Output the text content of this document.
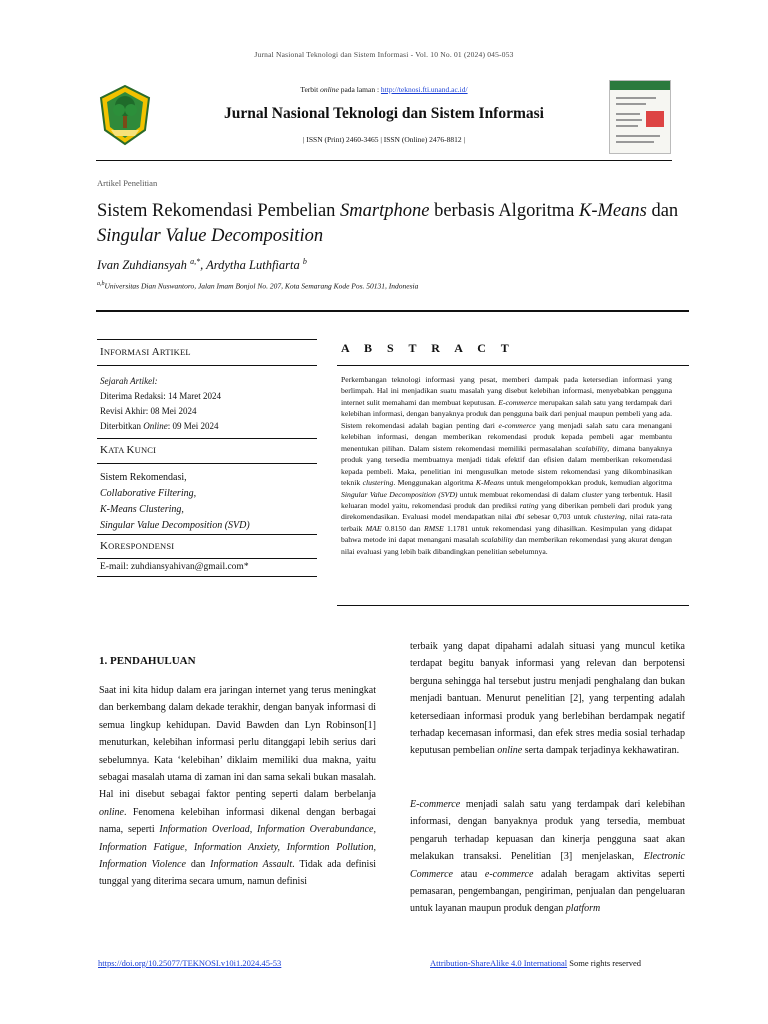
Jurnal Nasional Teknologi dan Sistem Informasi - Vol. 10 No. 01 (2024) 045-053
Terbit online pada laman : http://teknosi.fti.unand.ac.id/
Jurnal Nasional Teknologi dan Sistem Informasi
| ISSN (Print) 2460-3465 | ISSN (Online) 2476-8812 |
Artikel Penelitian
Sistem Rekomendasi Pembelian Smartphone berbasis Algoritma K-Means dan
Singular Value Decomposition
Ivan Zuhdiansyah $^{a,*}$, Ardytha Luthfiarta $^b$
$^{a,b}$Universitas Dian Nuswantoro, Jalan Imam Bonjol No. 207, Kota Semarang Kode Pos. 50131, Indonesia
INFORMASI ARTIKEL
Sejarah Artikel:
Diterima Redaksi: 14 Maret 2024
Revisi Akhir: 08 Mei 2024
Diterbitkan Online: 09 Mei 2024
KATA KUNCI
Sistem Rekomendasi,
Collaborative Filtering,
K-Means Clustering,
Singular Value Decomposition (SVD)
KORESPONDENSI
E-mail: zuhdiansyahivan@gmail.com*
A B S T R A C T
Perkembangan teknologi informasi yang pesat, memberi dampak pada ketersedian informasi yang berlimpah. Hal ini menjadikan suatu masalah yang disebut kelebihan informasi, menyebabkan pengguna internet sulit memahami dan membuat keputusan. E-commerce merupakan salah satu yang terdampak dari kelebihan informasi, dengan banyaknya produk dan pengguna baik dari penjual maupun pembeli yang ada. Sistem rekomendasi adalah bagian penting dari e-commerce yang menjadi salah satu cara menangani kelebihan informasi, dengan memberikan rekomendasi produk kepada pembeli agar membantu menentukan pilihan. Dalam sistem rekomendasi memiliki permasalahan scalability, dimana banyaknya produk yang tersedia membuatnya menjadi tidak efektif dan efisien dalam memberikan rekomendasi kepada pembeli. Maka, penelitian ini mengusulkan metode sistem rekomendasi yang dikombinasikan teknik clustering. Menggunakan algoritma K-Means untuk mengelompokkan produk, kemudian algoritma Singular Value Decomposition (SVD) untuk membuat rekomendasi di dalam cluster yang terbentuk. Hasil keluaran model yaitu, rekomendasi produk dan prediksi rating yang diberikan pembeli dari produk yang direkomendasikan. Evaluasi model mendapatkan nilai dbi sebesar 0,703 untuk clustering, nilai rata-rata terbaik MAE 0.8150 dan RMSE 1.1781 untuk rekomendasi yang dihasilkan. Kesimpulan yang didapat bahwa metode ini dapat menangani masalah scalability dan memberikan rekomendasi yang akurat dengan nilai evaluasi yang lebih baik dibandingkan penelitian sebelumnya.
1. PENDAHULUAN
Saat ini kita hidup dalam era jaringan internet yang terus meningkat dan berkembang dalam dekade terakhir, dengan banyak informasi di semua lingkup kehidupan. David Bawden dan Lyn Robinson[1] menuturkan, kelebihan informasi perlu ditanggapi lebih serius dari sebelumnya. Kata ‘kelebihan’ diklaim memiliki dua makna, yaitu sebagai masalah utama di zaman ini dan sama sekali bukan masalah. Hal ini disebut sebagai faktor penting seperti dalam berbelanja online. Fenomena kelebihan informasi dikenal dengan berbagai nama, seperti Information Overload, Information Overabundance, Information Fatigue, Information Anxiety, Informtion Pollution, Information Violence dan Information Assault. Tidak ada definisi tunggal yang diterima secara umum, namun definisi
terbaik yang dapat dipahami adalah situasi yang muncul ketika terdapat begitu banyak informasi yang relevan dan berpotensi berguna sehingga hal tersebut justru menjadi penghalang dan bukan menjadi bantuan. Menurut penelitian [2], yang terpenting adalah ketersediaan informasi produk yang berlebihan berdampak negatif terhadap kecemasan informasi, dan efek stres media sosial terhadap keputusan pembelian online serta dampak terjadinya kekhawatiran.
E-commerce menjadi salah satu yang terdampak dari kelebihan informasi, dengan banyaknya produk yang tersedia, membuat pengaruh terhadap kepuasan dan kinerja pengguna saat akan melakukan transaksi. Penelitian [3] menjelaskan, Electronic Commerce atau e-commerce adalah beragam aktivitas seperti pemasaran, pengembangan, pengiriman, penjualan dan pengeluaran untuk layanan maupun produk dengan platform
https://doi.org/10.25077/TEKNOSI.v10i1.2024.45-53	Attribution-ShareAlike 4.0 International Some rights reserved
